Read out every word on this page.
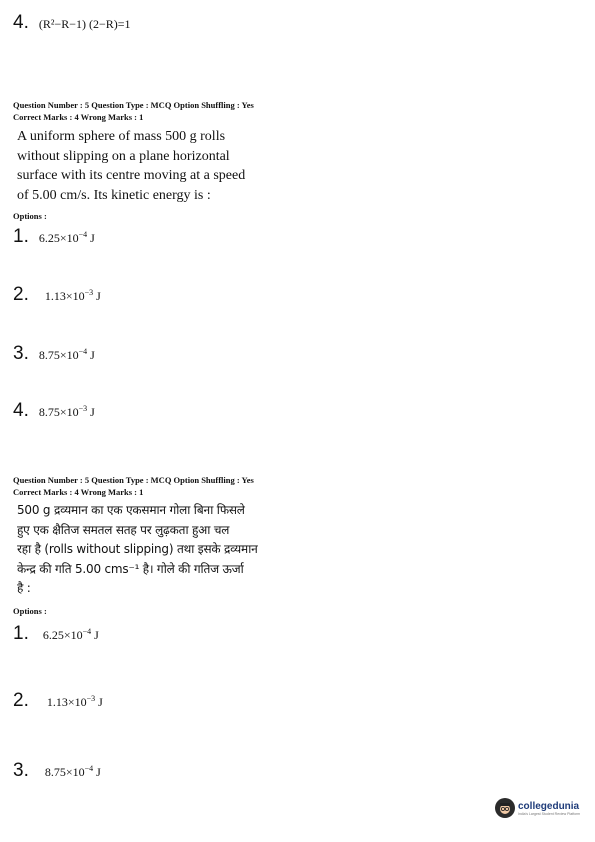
4. (R²−R−1) (2−R)=1
Question Number : 5 Question Type : MCQ Option Shuffling : Yes
Correct Marks : 4 Wrong Marks : 1
A uniform sphere of mass 500 g rolls
without slipping on a plane horizontal
surface with its centre moving at a speed
of 5.00 cm/s. Its kinetic energy is :
Options :
1. $6.25\times 10^{-4}$ J
2. $1.13\times 10^{-3}$ J
3. $8.75\times 10^{-4}$ J
4. $8.75\times 10^{-3}$ J
Question Number : 5 Question Type : MCQ Option Shuffling : Yes
Correct Marks : 4 Wrong Marks : 1
500 g द्रव्यमान का एक एकसमान गोला बिना फिसले
हुए एक क्षैतिज समतल सतह पर लुढ़कता हुआ चल
रहा है (rolls without slipping) तथा इसके द्रव्यमान
केन्द्र की गति 5.00 cms⁻¹ है। गोले की गतिज ऊर्जा
है :
Options :
1. $6.25\times 10^{-4}$ J
2. $1.13\times 10^{-3}$ J
3. $8.75\times 10^{-4}$ J
collegedunia
India's Largest Student Review Platform
